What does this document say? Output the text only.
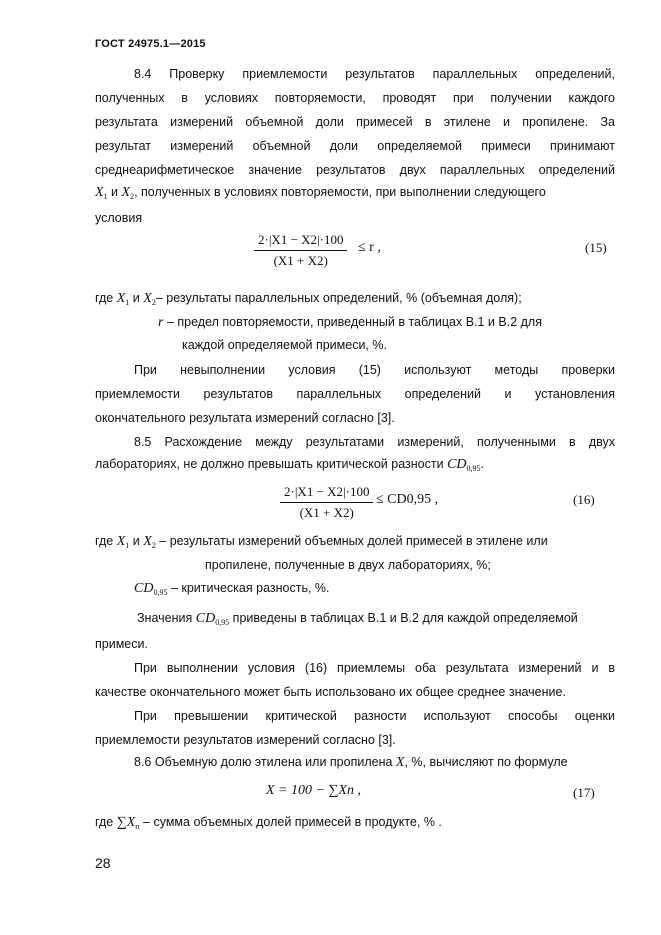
ГОСТ 24975.1—2015
8.4 Проверку приемлемости результатов параллельных определений,
полученных в условиях повторяемости, проводят при получении каждого
результата измерений объемной доли примесей в этилене и пропилене. За
результат измерений объемной доли определяемой примеси принимают
среднеарифметическое значение результатов двух параллельных определений
$X_1$ и $X_2$, полученных в условиях повторяемости, при выполнении следующего
условия
$\frac{2\cdot|X1 - X2|\cdot 100}{(X1 + X2)} \le r$ ,	(15)
где $X_1$ и $X_2-$ результаты параллельных определений, % (объемная доля);
r – предел повторяемости, приведенный в таблицах В.1 и В.2 для
каждой определяемой примеси, %.
При невыполнении условия (15) используют методы проверки
приемлемости результатов параллельных определений и установления
окончательного результата измерений согласно [3].
8.5 Расхождение между результатами измерений, полученными в двух
лабораториях, не должно превышать критической разности $CD_{0,95}$.
$\frac{2\cdot|X1 - X2|\cdot 100}{(X1 + X2)} \le CD0,95$ ,	(16)
где $X_1$ и $X_2$ – результаты измерений объемных долей примесей в этилене или
пропилене, полученные в двух лабораториях, %;
$CD_{0,95}$ – критическая разность, %.
Значения $CD_{0,95}$ приведены в таблицах В.1 и В.2 для каждой определяемой
примеси.
При выполнении условия (16) приемлемы оба результата измерений и в
качестве окончательного может быть использовано их общее среднее значение.
При превышении критической разности используют способы оценки
приемлемости результатов измерений согласно [3].
8.6 Объемную долю этилена или пропилена X, %, вычисляют по формуле
X = 100 − ∑Xп ,	(17)
где $\sum X_п$ – сумма объемных долей примесей в продукте, % .
28
